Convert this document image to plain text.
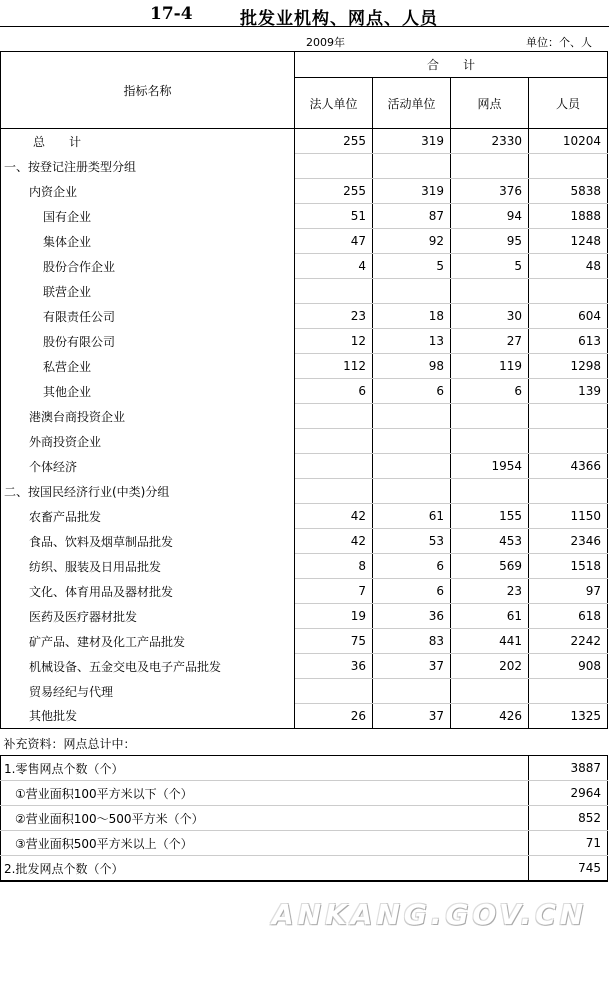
17-4	批发业机构、网点、人员
2009年	单位：个、人
指标名称	合　　计			
	法人单位	活动单位	网点	人员
总　　计	255	319	2330	10204
一、按登记注册类型分组				
内资企业	255	319	376	5838
国有企业	51	87	94	1888
集体企业	47	92	95	1248
股份合作企业	4	5	5	48
联营企业				
有限责任公司	23	18	30	604
股份有限公司	12	13	27	613
私营企业	112	98	119	1298
其他企业	6	6	6	139
港澳台商投资企业				
外商投资企业				
个体经济			1954	4366
二、按国民经济行业(中类)分组				
农畜产品批发	42	61	155	1150
食品、饮料及烟草制品批发	42	53	453	2346
纺织、服装及日用品批发	8	6	569	1518
文化、体育用品及器材批发	7	6	23	97
医药及医疗器材批发	19	36	61	618
矿产品、建材及化工产品批发	75	83	441	2242
机械设备、五金交电及电子产品批发	36	37	202	908
贸易经纪与代理				
其他批发	26	37	426	1325
补充资料：网点总计中：	
1.零售网点个数（个）	3887
①营业面积100平方米以下（个）	2964
②营业面积100～500平方米（个）	852
③营业面积500平方米以上（个）	71
2.批发网点个数（个）	745
ANKANG.GOV.CN
